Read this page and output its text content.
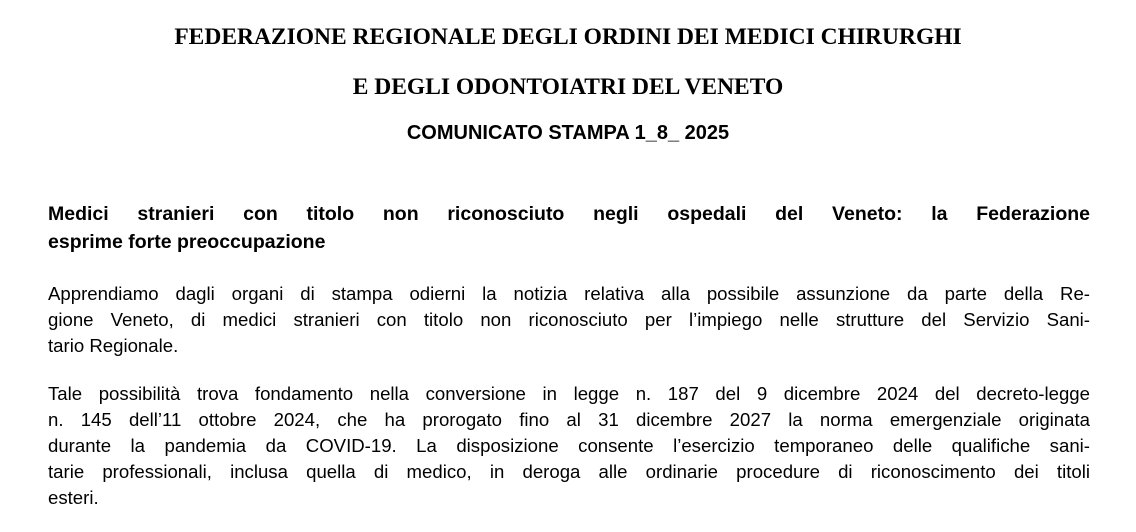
FEDERAZIONE REGIONALE DEGLI ORDINI DEI MEDICI CHIRURGHI
E DEGLI ODONTOIATRI DEL VENETO
COMUNICATO STAMPA 1_8_ 2025
Medici stranieri con titolo non riconosciuto negli ospedali del Veneto: la Federazione
esprime forte preoccupazione
Apprendiamo dagli organi di stampa odierni la notizia relativa alla possibile assunzione da parte della Re-
gione Veneto, di medici stranieri con titolo non riconosciuto per l’impiego nelle strutture del Servizio Sani-
tario Regionale.
Tale possibilità trova fondamento nella conversione in legge n. 187 del 9 dicembre 2024 del decreto-legge
n. 145 dell’11 ottobre 2024, che ha prorogato fino al 31 dicembre 2027 la norma emergenziale originata
durante la pandemia da COVID-19. La disposizione consente l’esercizio temporaneo delle qualifiche sani-
tarie professionali, inclusa quella di medico, in deroga alle ordinarie procedure di riconoscimento dei titoli
esteri.
